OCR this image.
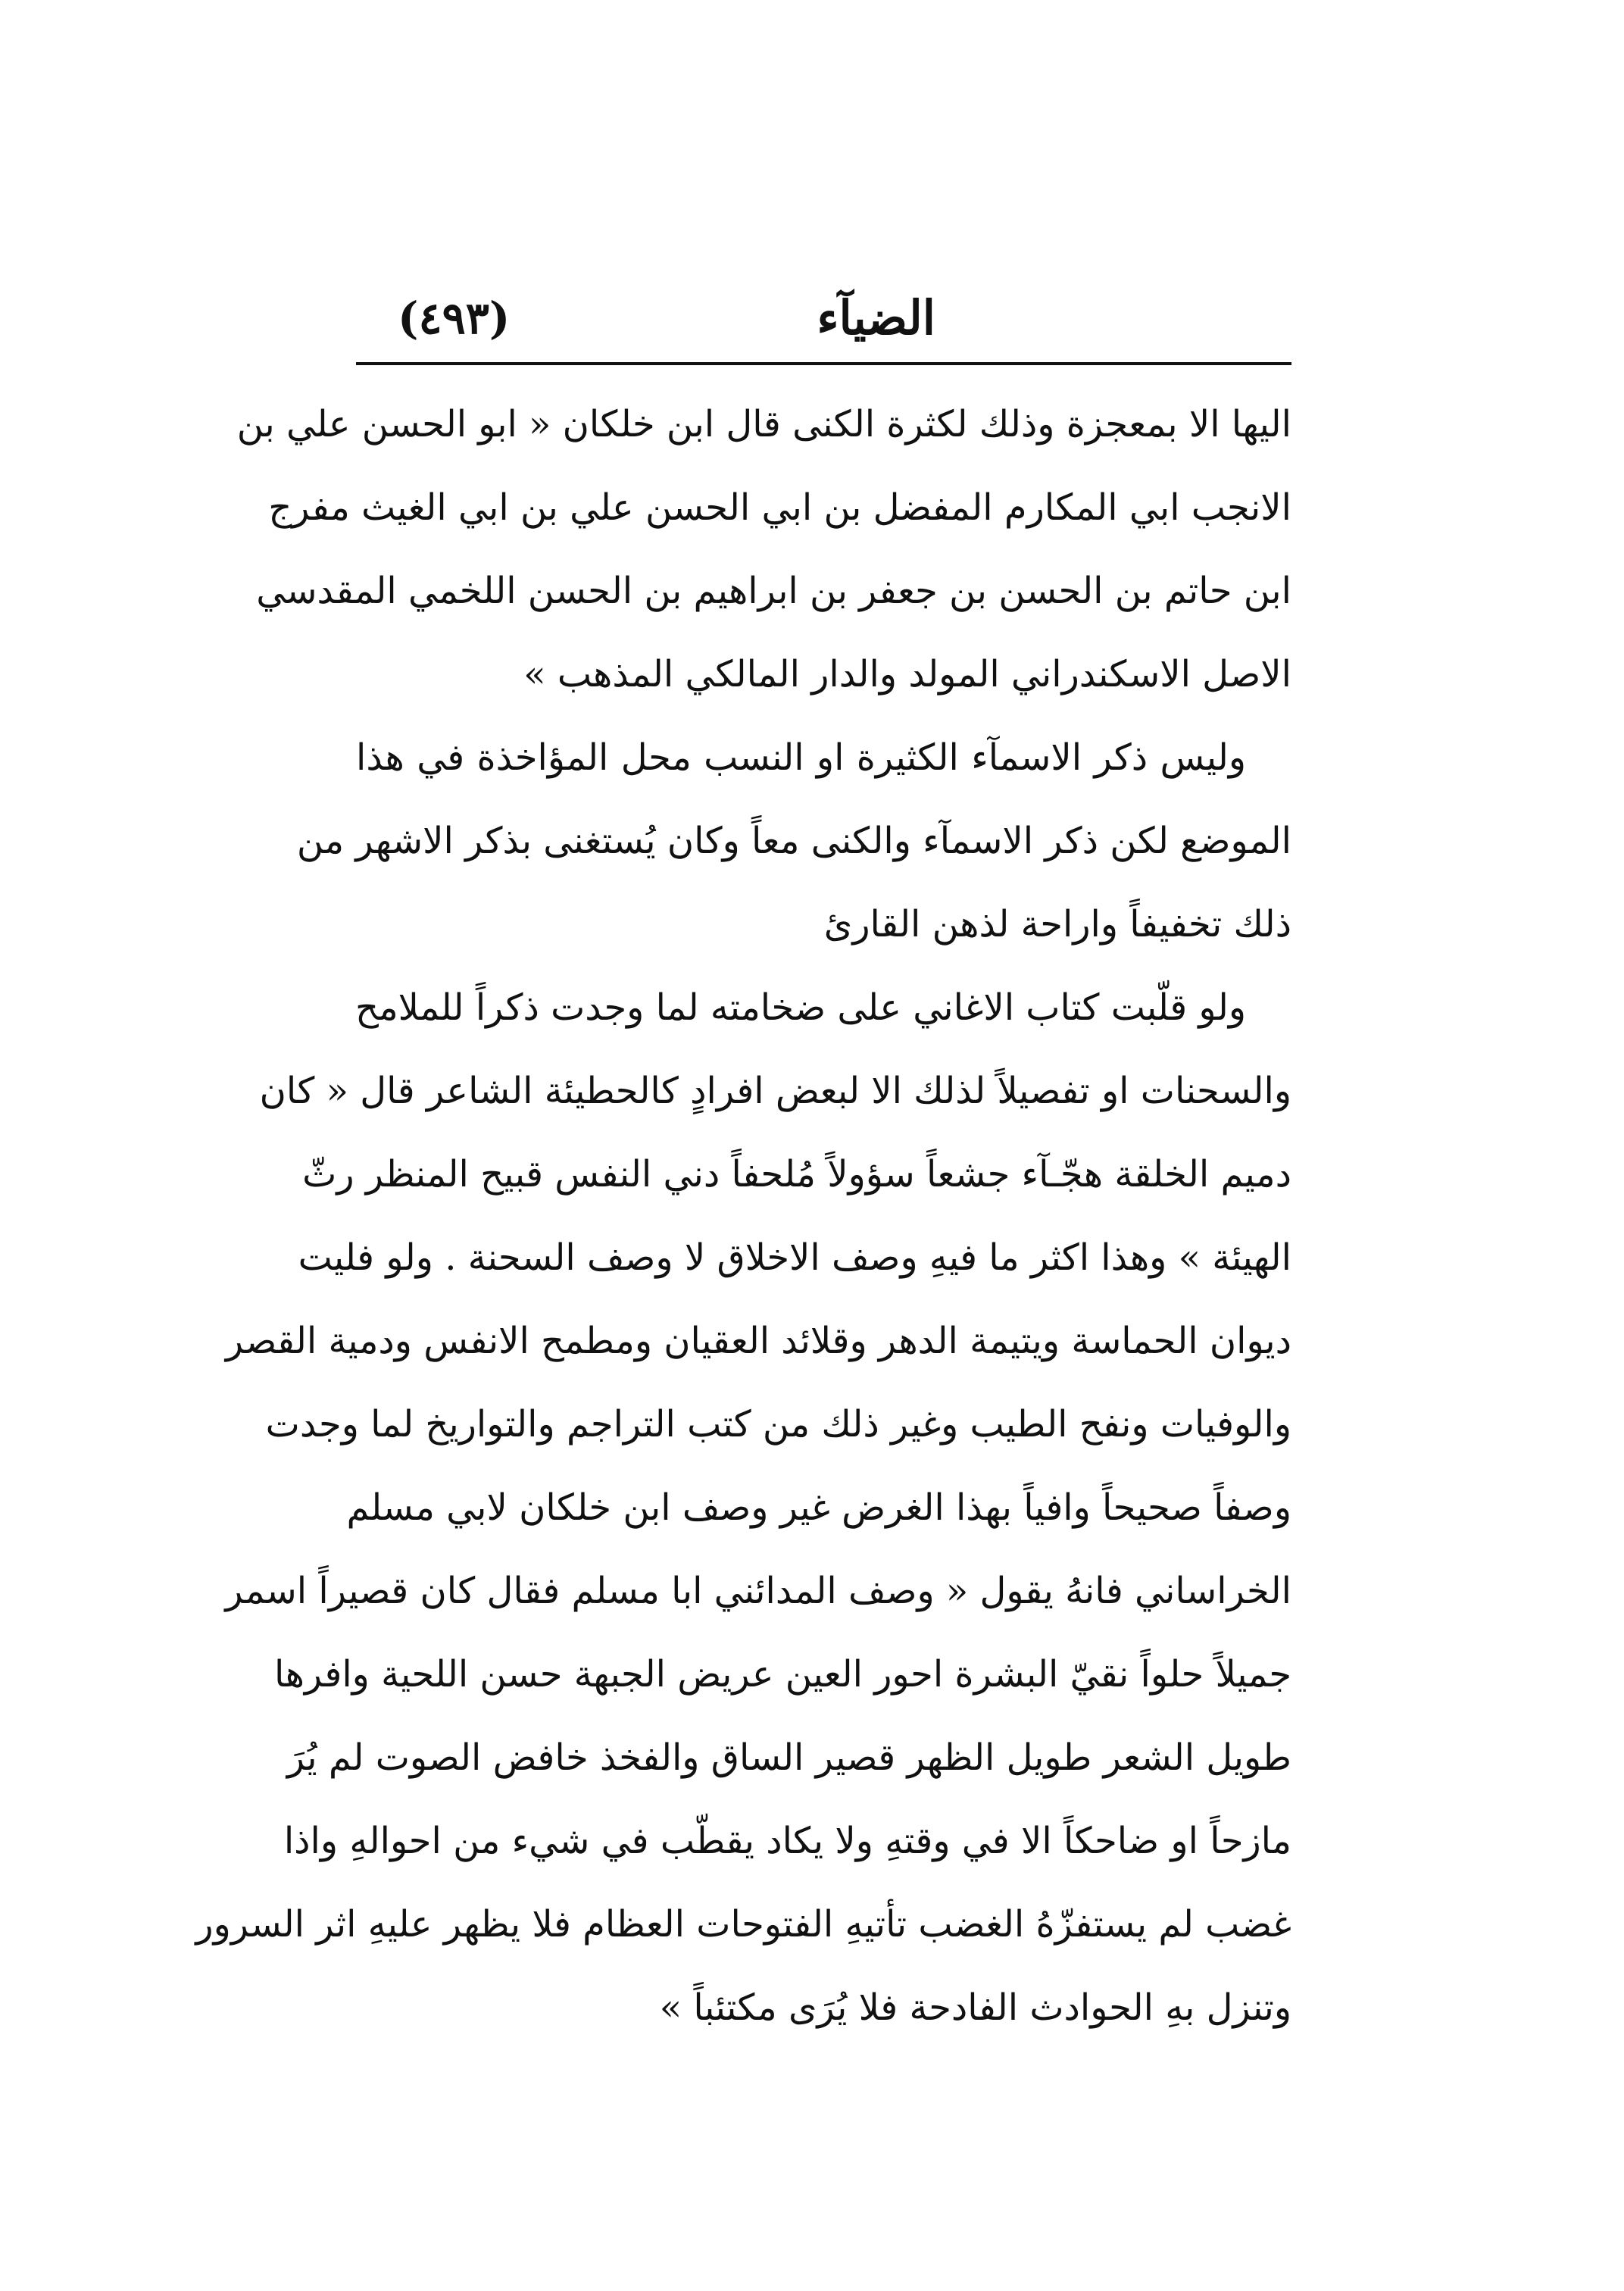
الضيآء
(٤٩٣)
اليها الا بمعجزة وذلك لكثرة الكنى قال ابن خلكان « ابو الحسن علي بن
الانجب ابي المكارم المفضل بن ابي الحسن علي بن ابي الغيث مفرج
ابن حاتم بن الحسن بن جعفر بن ابراهيم بن الحسن اللخمي المقدسي
الاصل الاسكندراني المولد والدار المالكي المذهب »
وليس ذكر الاسمآء الكثيرة او النسب محل المؤاخذة في هذا
الموضع لكن ذكر الاسمآء والكنى معاً وكان يُستغنى بذكر الاشهر من
ذلك تخفيفاً واراحة لذهن القارئ
ولو قلّبت كتاب الاغاني على ضخامته لما وجدت ذكراً للملامح
والسحنات او تفصيلاً لذلك الا لبعض افرادٍ كالحطيئة الشاعر قال « كان
دميم الخلقة هجّـآء جشعاً سؤولاً مُلحفاً دني النفس قبيح المنظر رثّ
الهيئة » وهذا اكثر ما فيهِ وصف الاخلاق لا وصف السحنة . ولو فليت
ديوان الحماسة ويتيمة الدهر وقلائد العقيان ومطمح الانفس ودمية القصر
والوفيات ونفح الطيب وغير ذلك من كتب التراجم والتواريخ لما وجدت
وصفاً صحيحاً وافياً بهذا الغرض غير وصف ابن خلكان لابي مسلم
الخراساني فانهُ يقول « وصف المدائني ابا مسلم فقال كان قصيراً اسمر
جميلاً حلواً نقيّ البشرة احور العين عريض الجبهة حسن اللحية وافرها
طويل الشعر طويل الظهر قصير الساق والفخذ خافض الصوت لم يُرَ
مازحاً او ضاحكاً الا في وقتهِ ولا يكاد يقطّب في شيء من احوالهِ واذا
غضب لم يستفزّهُ الغضب تأتيهِ الفتوحات العظام فلا يظهر عليهِ اثر السرور
وتنزل بهِ الحوادث الفادحة فلا يُرَى مكتئباً »
